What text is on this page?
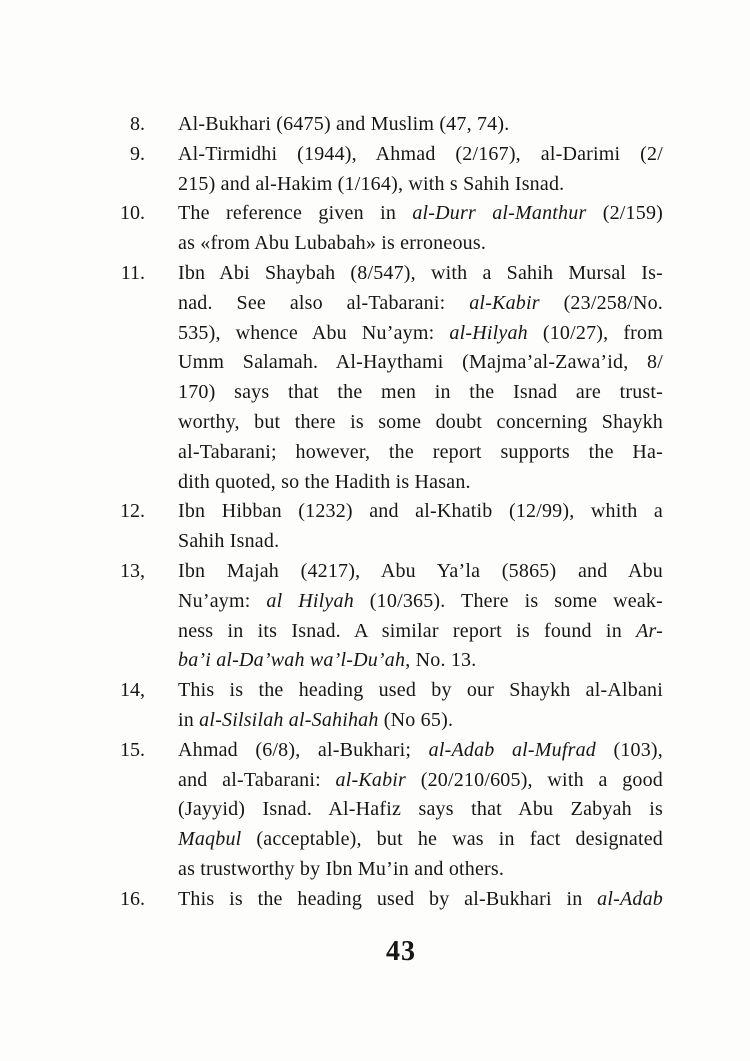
8. Al-Bukhari (6475) and Muslim (47, 74).
9. Al-Tirmidhi (1944), Ahmad (2/167), al-Darimi (2/
215) and al-Hakim (1/164), with s Sahih Isnad.
10. The reference given in al-Durr al-Manthur (2/159)
as «from Abu Lubabah» is erroneous.
11. Ibn Abi Shaybah (8/547), with a Sahih Mursal Is-
nad. See also al-Tabarani: al-Kabir (23/258/No.
535), whence Abu Nu’aym: al-Hilyah (10/27), from
Umm Salamah. Al-Haythami (Majma’al-Zawa’id, 8/
170) says that the men in the Isnad are trust-
worthy, but there is some doubt concerning Shaykh
al-Tabarani; however, the report supports the Ha-
dith quoted, so the Hadith is Hasan.
12. Ibn Hibban (1232) and al-Khatib (12/99), whith a
Sahih Isnad.
13, Ibn Majah (4217), Abu Ya’la (5865) and Abu
Nu’aym: al Hilyah (10/365). There is some weak-
ness in its Isnad. A similar report is found in Ar-
ba’i al-Da’wah wa’l-Du’ah, No. 13.
14, This is the heading used by our Shaykh al-Albani
in al-Silsilah al-Sahihah (No 65).
15. Ahmad (6/8), al-Bukhari; al-Adab al-Mufrad (103),
and al-Tabarani: al-Kabir (20/210/605), with a good
(Jayyid) Isnad. Al-Hafiz says that Abu Zabyah is
Maqbul (acceptable), but he was in fact designated
as trustworthy by Ibn Mu’in and others.
16. This is the heading used by al-Bukhari in al-Adab
43
